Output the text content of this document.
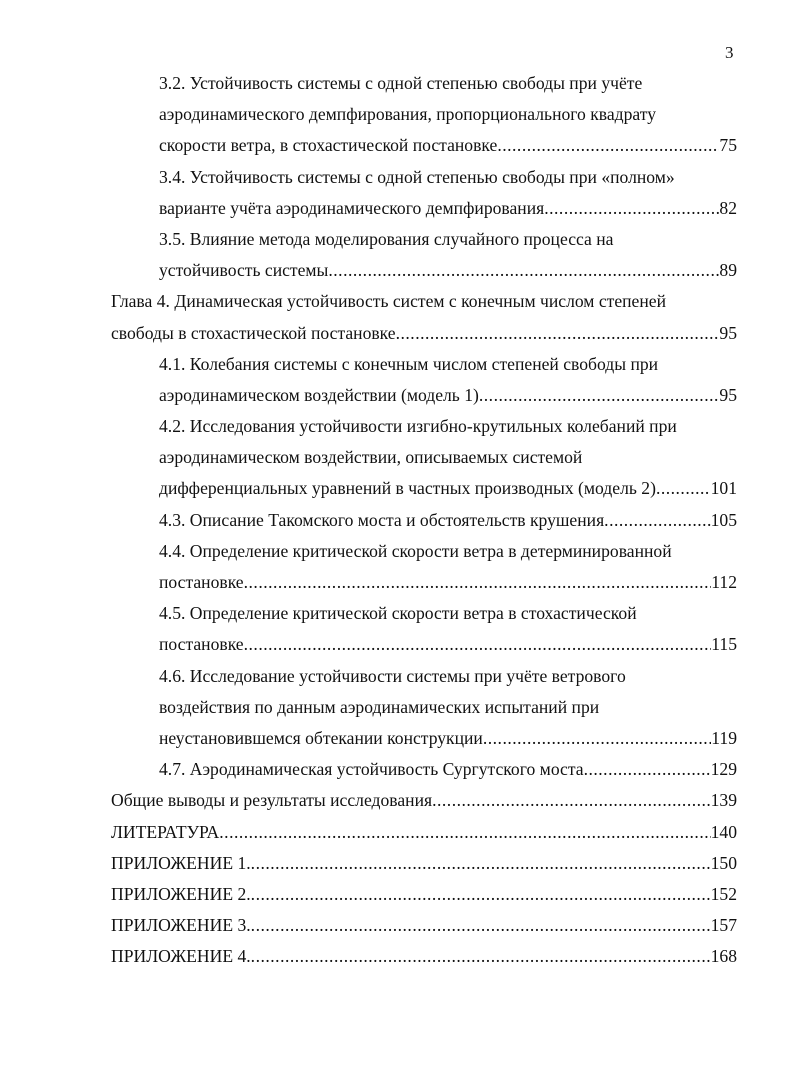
3
3.2. Устойчивость системы с одной степенью свободы при учёте
аэродинамического демпфирования, пропорционального квадрату
скорости ветра, в стохастической постановке .....	75
3.4. Устойчивость системы с одной степенью свободы при «полном»
варианте учёта аэродинамического демпфирования .....	82
3.5. Влияние метода моделирования случайного процесса на
устойчивость системы .....	89
Глава 4. Динамическая устойчивость систем с конечным числом степеней
свободы в стохастической постановке .....	95
4.1. Колебания системы с конечным числом степеней свободы при
аэродинамическом воздействии (модель 1) .....	95
4.2. Исследования устойчивости изгибно-крутильных колебаний при
аэродинамическом воздействии, описываемых системой
дифференциальных уравнений в частных производных (модель 2) .....	101
4.3. Описание Такомского моста и обстоятельств крушения .....	105
4.4. Определение критической скорости ветра в детерминированной
постановке .....	112
4.5. Определение критической скорости ветра в стохастической
постановке .....	115
4.6. Исследование устойчивости системы при учёте ветрового
воздействия по данным аэродинамических испытаний при
неустановившемся обтекании конструкции .....	119
4.7. Аэродинамическая устойчивость Сургутского моста .....	129
Общие выводы и результаты исследования .....	139
ЛИТЕРАТУРА .....	140
ПРИЛОЖЕНИЕ 1. .....	150
ПРИЛОЖЕНИЕ 2. .....	152
ПРИЛОЖЕНИЕ 3. .....	157
ПРИЛОЖЕНИЕ 4. .....	168
